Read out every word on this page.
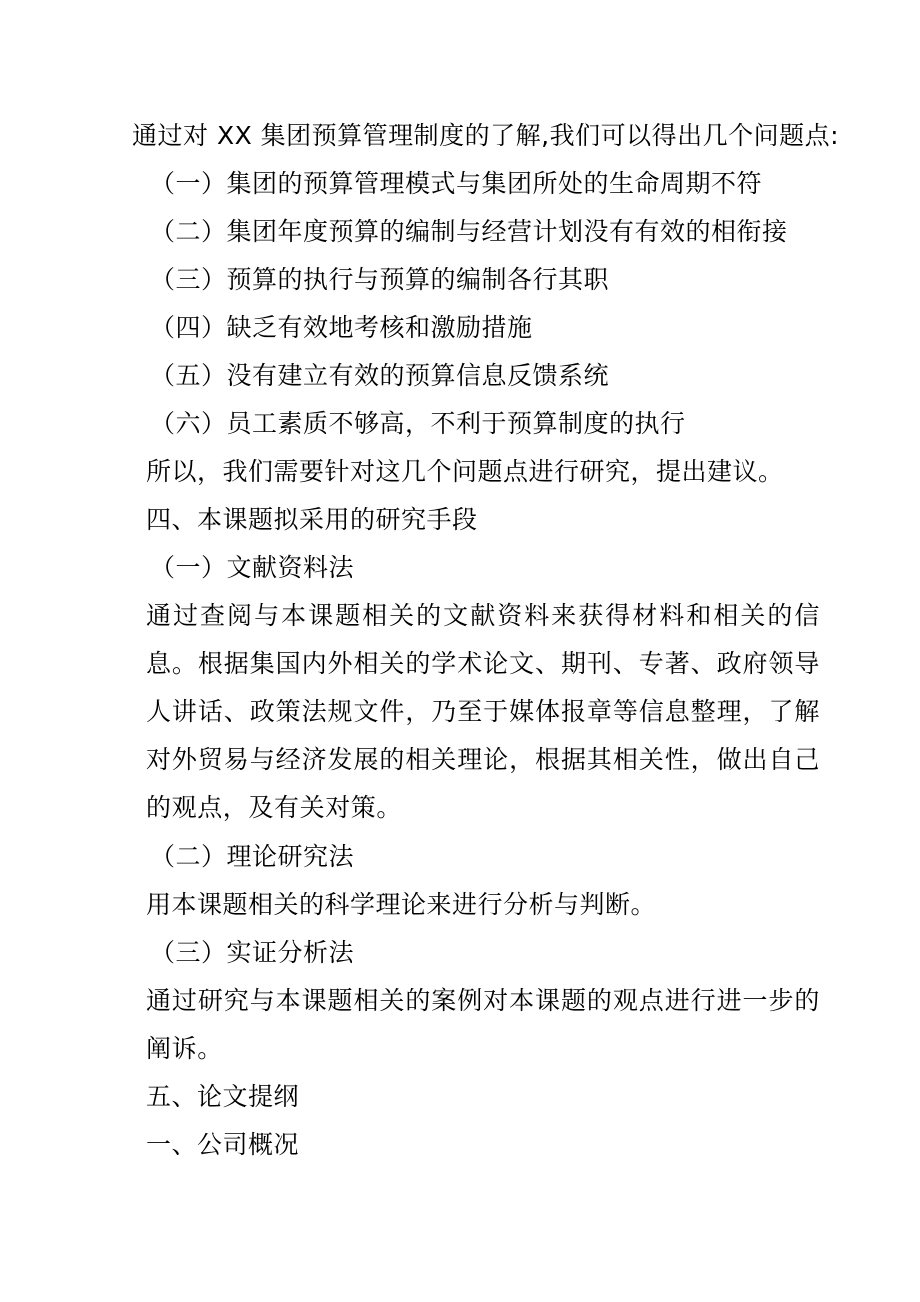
通过对 XX 集团预算管理制度的了解,我们可以得出几个问题点:
（一）集团的预算管理模式与集团所处的生命周期不符
（二）集团年度预算的编制与经营计划没有有效的相衔接
（三）预算的执行与预算的编制各行其职
（四）缺乏有效地考核和激励措施
（五）没有建立有效的预算信息反馈系统
（六）员工素质不够高，不利于预算制度的执行
所以，我们需要针对这几个问题点进行研究，提出建议。
四、本课题拟采用的研究手段
（一）文献资料法
通过查阅与本课题相关的文献资料来获得材料和相关的信息。根据集国内外相关的学术论文、期刊、专著、政府领导人讲话、政策法规文件，乃至于媒体报章等信息整理，了解对外贸易与经济发展的相关理论，根据其相关性，做出自己的观点，及有关对策。
（二）理论研究法
用本课题相关的科学理论来进行分析与判断。
（三）实证分析法
通过研究与本课题相关的案例对本课题的观点进行进一步的阐诉。
五、论文提纲
一、公司概况
